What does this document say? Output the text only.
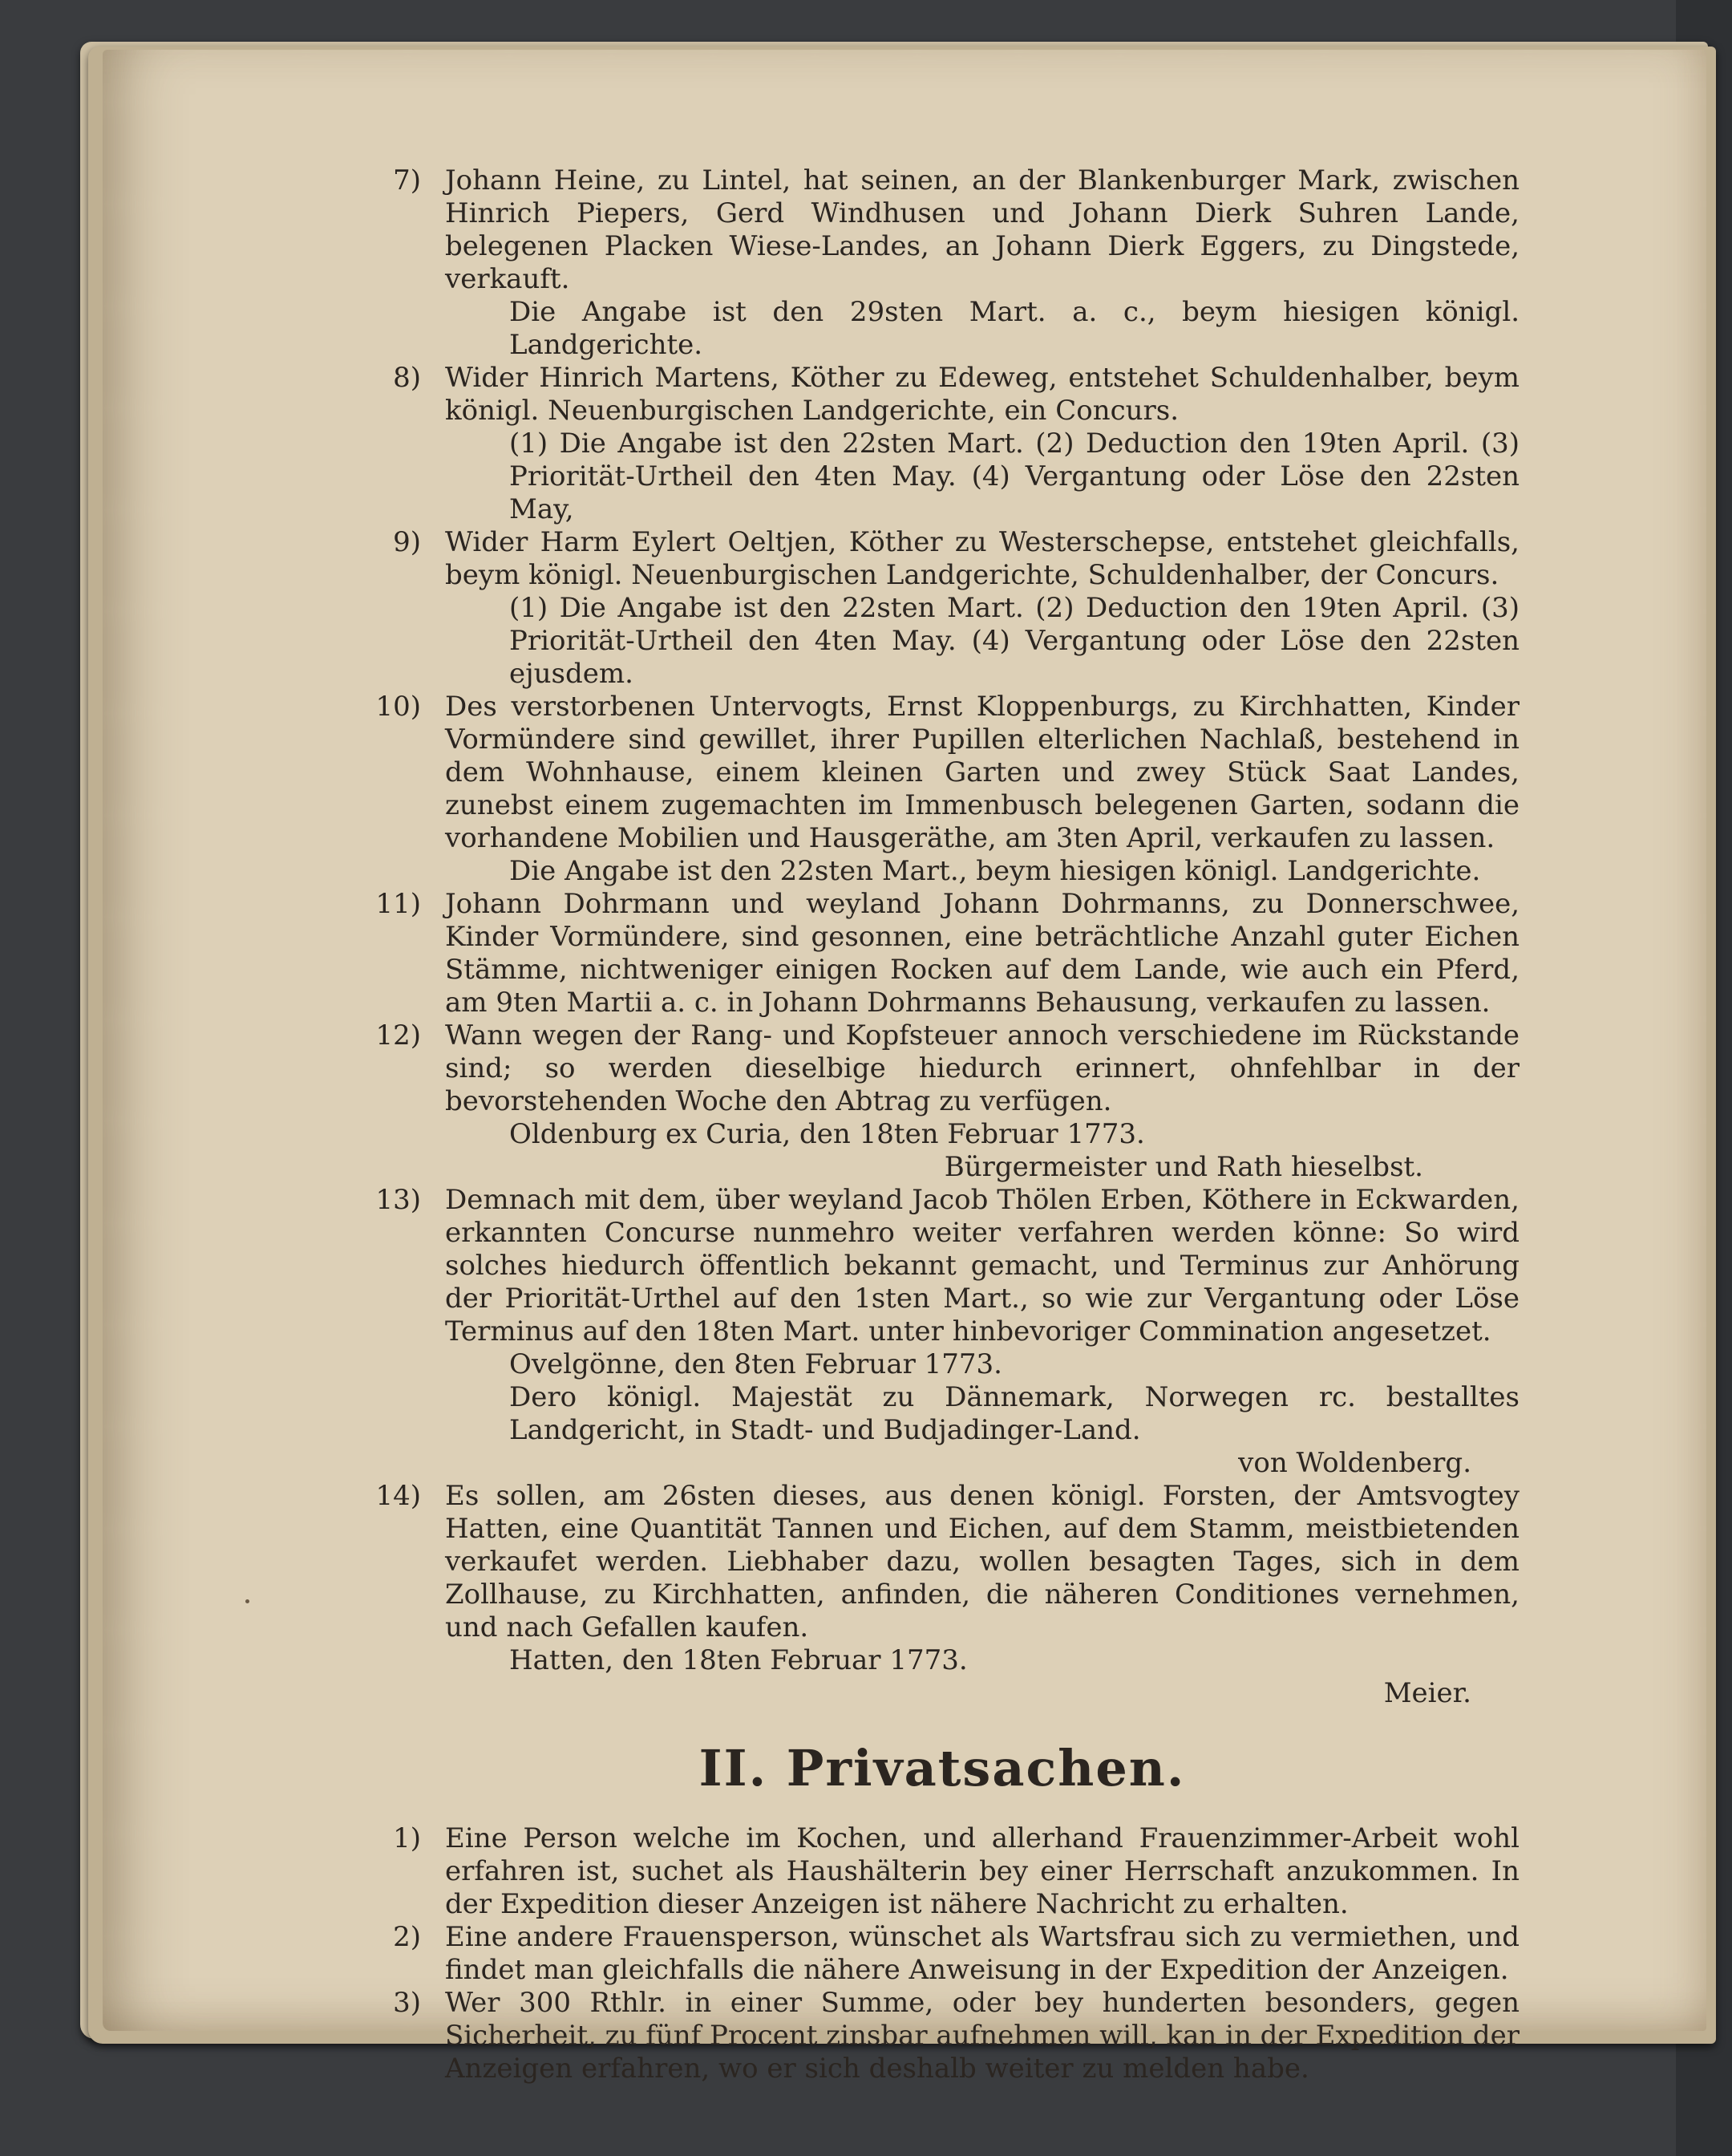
7) Johann Heine, zu Lintel, hat seinen, an der Blankenburger Mark, zwischen Hinrich Piepers, Gerd Windhusen und Johann Dierk Suhren Lande, belegenen Placken Wiese-Landes, an Johann Dierk Eggers, zu Dingstede, verkauft.

Die Angabe ist den 29sten Mart. a. c., beym hiesigen königl. Landgerichte.

8) Wider Hinrich Martens, Köther zu Edeweg, entstehet Schuldenhalber, beym königl. Neuenburgischen Landgerichte, ein Concurs.

(1) Die Angabe ist den 22sten Mart. (2) Deduction den 19ten April. (3) Priorität-Urtheil den 4ten May. (4) Vergantung oder Löse den 22sten May,

9) Wider Harm Eylert Oeltjen, Köther zu Westerschepse, entstehet gleichfalls, beym königl. Neuenburgischen Landgerichte, Schuldenhalber, der Concurs.

(1) Die Angabe ist den 22sten Mart. (2) Deduction den 19ten April. (3) Priorität-Urtheil den 4ten May. (4) Vergantung oder Löse den 22sten ejusdem.

10) Des verstorbenen Untervogts, Ernst Kloppenburgs, zu Kirchhatten, Kinder Vormündere sind gewillet, ihrer Pupillen elterlichen Nachlaß, bestehend in dem Wohnhause, einem kleinen Garten und zwey Stück Saat Landes, zunebst einem zugemachten im Immenbusch belegenen Garten, sodann die vorhandene Mobilien und Hausgeräthe, am 3ten April, verkaufen zu lassen.

Die Angabe ist den 22sten Mart., beym hiesigen königl. Landgerichte.

11) Johann Dohrmann und weyland Johann Dohrmanns, zu Donnerschwee, Kinder Vormündere, sind gesonnen, eine beträchtliche Anzahl guter Eichen Stämme, nichtweniger einigen Rocken auf dem Lande, wie auch ein Pferd, am 9ten Martii a. c. in Johann Dohrmanns Behausung, verkaufen zu lassen.

12) Wann wegen der Rang- und Kopfsteuer annoch verschiedene im Rückstande sind; so werden dieselbige hiedurch erinnert, ohnfehlbar in der bevorstehenden Woche den Abtrag zu verfügen.

Oldenburg ex Curia, den 18ten Februar 1773.

Bürgermeister und Rath hieselbst.

13) Demnach mit dem, über weyland Jacob Thölen Erben, Köthere in Eckwarden, erkannten Concurse nunmehro weiter verfahren werden könne: So wird solches hiedurch öffentlich bekannt gemacht, und Terminus zur Anhörung der Priorität-Urthel auf den 1sten Mart., so wie zur Vergantung oder Löse Terminus auf den 18ten Mart. unter hinbevoriger Commination angesetzet.

Ovelgönne, den 8ten Februar 1773.

Dero königl. Majestät zu Dännemark, Norwegen rc. bestalltes Landgericht, in Stadt- und Budjadinger-Land.

von Woldenberg.

14) Es sollen, am 26sten dieses, aus denen königl. Forsten, der Amtsvogtey Hatten, eine Quantität Tannen und Eichen, auf dem Stamm, meistbietenden verkaufet werden. Liebhaber dazu, wollen besagten Tages, sich in dem Zollhause, zu Kirchhatten, anfinden, die näheren Conditiones vernehmen, und nach Gefallen kaufen.

Hatten, den 18ten Februar 1773.

Meier.

II. Privatsachen.
1) Eine Person welche im Kochen, und allerhand Frauenzimmer-Arbeit wohl erfahren ist, suchet als Haushälterin bey einer Herrschaft anzukommen. In der Expedition dieser Anzeigen ist nähere Nachricht zu erhalten.

2) Eine andere Frauensperson, wünschet als Wartsfrau sich zu vermiethen, und findet man gleichfalls die nähere Anweisung in der Expedition der Anzeigen.

3) Wer 300 Rthlr. in einer Summe, oder bey hunderten besonders, gegen Sicherheit, zu fünf Procent zinsbar aufnehmen will, kan in der Expedition der Anzeigen erfahren, wo er sich deshalb weiter zu melden habe.
